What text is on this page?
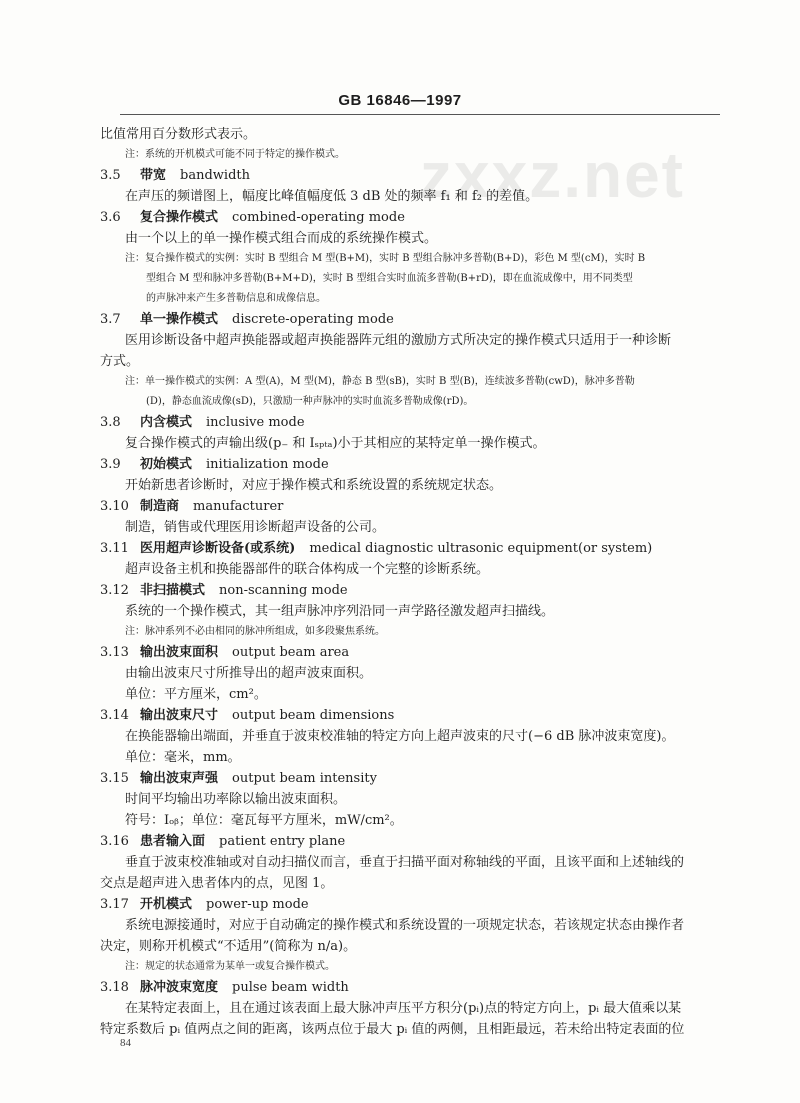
GB 16846—1997
zxxz.net
比值常用百分数形式表示。
注：系统的开机模式可能不同于特定的操作模式。
3.5 带宽 bandwidth
在声压的频谱图上，幅度比峰值幅度低 3 dB 处的频率 f₁ 和 f₂ 的差值。
3.6 复合操作模式 combined-operating mode
由一个以上的单一操作模式组合而成的系统操作模式。
注：复合操作模式的实例：实时 B 型组合 M 型(B+M)，实时 B 型组合脉冲多普勒(B+D)，彩色 M 型(cM)，实时 B
型组合 M 型和脉冲多普勒(B+M+D)，实时 B 型组合实时血流多普勒(B+rD)，即在血流成像中，用不同类型
的声脉冲来产生多普勒信息和成像信息。
3.7 单一操作模式 discrete-operating mode
医用诊断设备中超声换能器或超声换能器阵元组的激励方式所决定的操作模式只适用于一种诊断
方式。
注：单一操作模式的实例：A 型(A)，M 型(M)，静态 B 型(sB)，实时 B 型(B)，连续波多普勒(cwD)，脉冲多普勒
(D)，静态血流成像(sD)，只激励一种声脉冲的实时血流多普勒成像(rD)。
3.8 内含模式 inclusive mode
复合操作模式的声输出级(p₋ 和 Iₛₚₜₐ)小于其相应的某特定单一操作模式。
3.9 初始模式 initialization mode
开始新患者诊断时，对应于操作模式和系统设置的系统规定状态。
3.10 制造商 manufacturer
制造，销售或代理医用诊断超声设备的公司。
3.11 医用超声诊断设备(或系统) medical diagnostic ultrasonic equipment(or system)
超声设备主机和换能器部件的联合体构成一个完整的诊断系统。
3.12 非扫描模式 non-scanning mode
系统的一个操作模式，其一组声脉冲序列沿同一声学路径激发超声扫描线。
注：脉冲系列不必由相同的脉冲所组成，如多段聚焦系统。
3.13 输出波束面积 output beam area
由输出波束尺寸所推导出的超声波束面积。
单位：平方厘米，cm²。
3.14 输出波束尺寸 output beam dimensions
在换能器输出端面，并垂直于波束校准轴的特定方向上超声波束的尺寸(−6 dB 脉冲波束宽度)。
单位：毫米，mm。
3.15 输出波束声强 output beam intensity
时间平均输出功率除以输出波束面积。
符号：Iₒᵦ；单位：毫瓦每平方厘米，mW/cm²。
3.16 患者输入面 patient entry plane
垂直于波束校准轴或对自动扫描仪而言，垂直于扫描平面对称轴线的平面，且该平面和上述轴线的
交点是超声进入患者体内的点，见图 1。
3.17 开机模式 power-up mode
系统电源接通时，对应于自动确定的操作模式和系统设置的一项规定状态，若该规定状态由操作者
决定，则称开机模式“不适用”(简称为 n/a)。
注：规定的状态通常为某单一或复合操作模式。
3.18 脉冲波束宽度 pulse beam width
在某特定表面上，且在通过该表面上最大脉冲声压平方积分(pᵢ)点的特定方向上，pᵢ 最大值乘以某
特定系数后 pᵢ 值两点之间的距离，该两点位于最大 pᵢ 值的两侧，且相距最远，若未给出特定表面的位
84
